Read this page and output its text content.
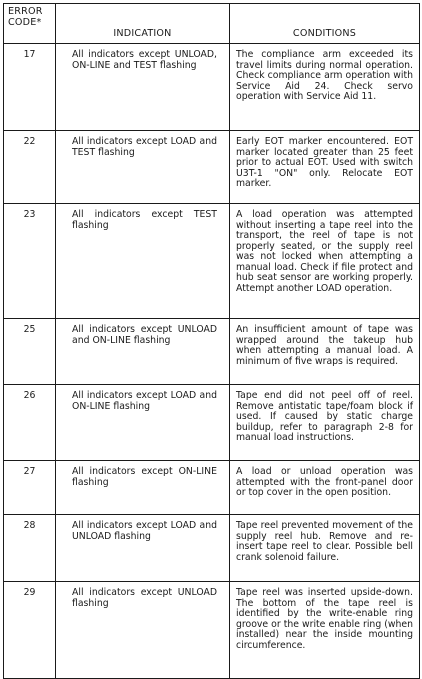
ERROR
CODE*	INDICATION	CONDITIONS
17	All indicators except UNLOAD, ON-LINE and TEST flashing	The compliance arm exceeded its travel limits during normal operation. Check compliance arm operation with Service Aid 24. Check servo operation with Service Aid 11.
22	All indicators except LOAD and TEST flashing	Early EOT marker encountered. EOT marker located greater than 25 feet prior to actual EOT. Used with switch U3T-1 "ON" only. Relocate EOT marker.
23	All indicators except TEST flashing	A load operation was attempted without inserting a tape reel into the transport, the reel of tape is not properly seated, or the supply reel was not locked when attempting a manual load. Check if file protect and hub seat sensor are working properly. Attempt another LOAD operation.
25	All indicators except UNLOAD and ON-LINE flashing	An insufficient amount of tape was wrapped around the takeup hub when attempting a manual load. A minimum of five wraps is required.
26	All indicators except LOAD and ON-LINE flashing	Tape end did not peel off of reel. Remove antistatic tape/foam block if used. If caused by static charge buildup, refer to paragraph 2-8 for manual load instructions.
27	All indicators except ON-LINE flashing	A load or unload operation was attempted with the front-panel door or top cover in the open position.
28	All indicators except LOAD and UNLOAD flashing	Tape reel prevented movement of the supply reel hub. Remove and re-insert tape reel to clear. Possible bell crank solenoid failure.
29	All indicators except UNLOAD flashing	Tape reel was inserted upside-down. The bottom of the tape reel is identified by the write-enable ring groove or the write enable ring (when installed) near the inside mounting circumference.
